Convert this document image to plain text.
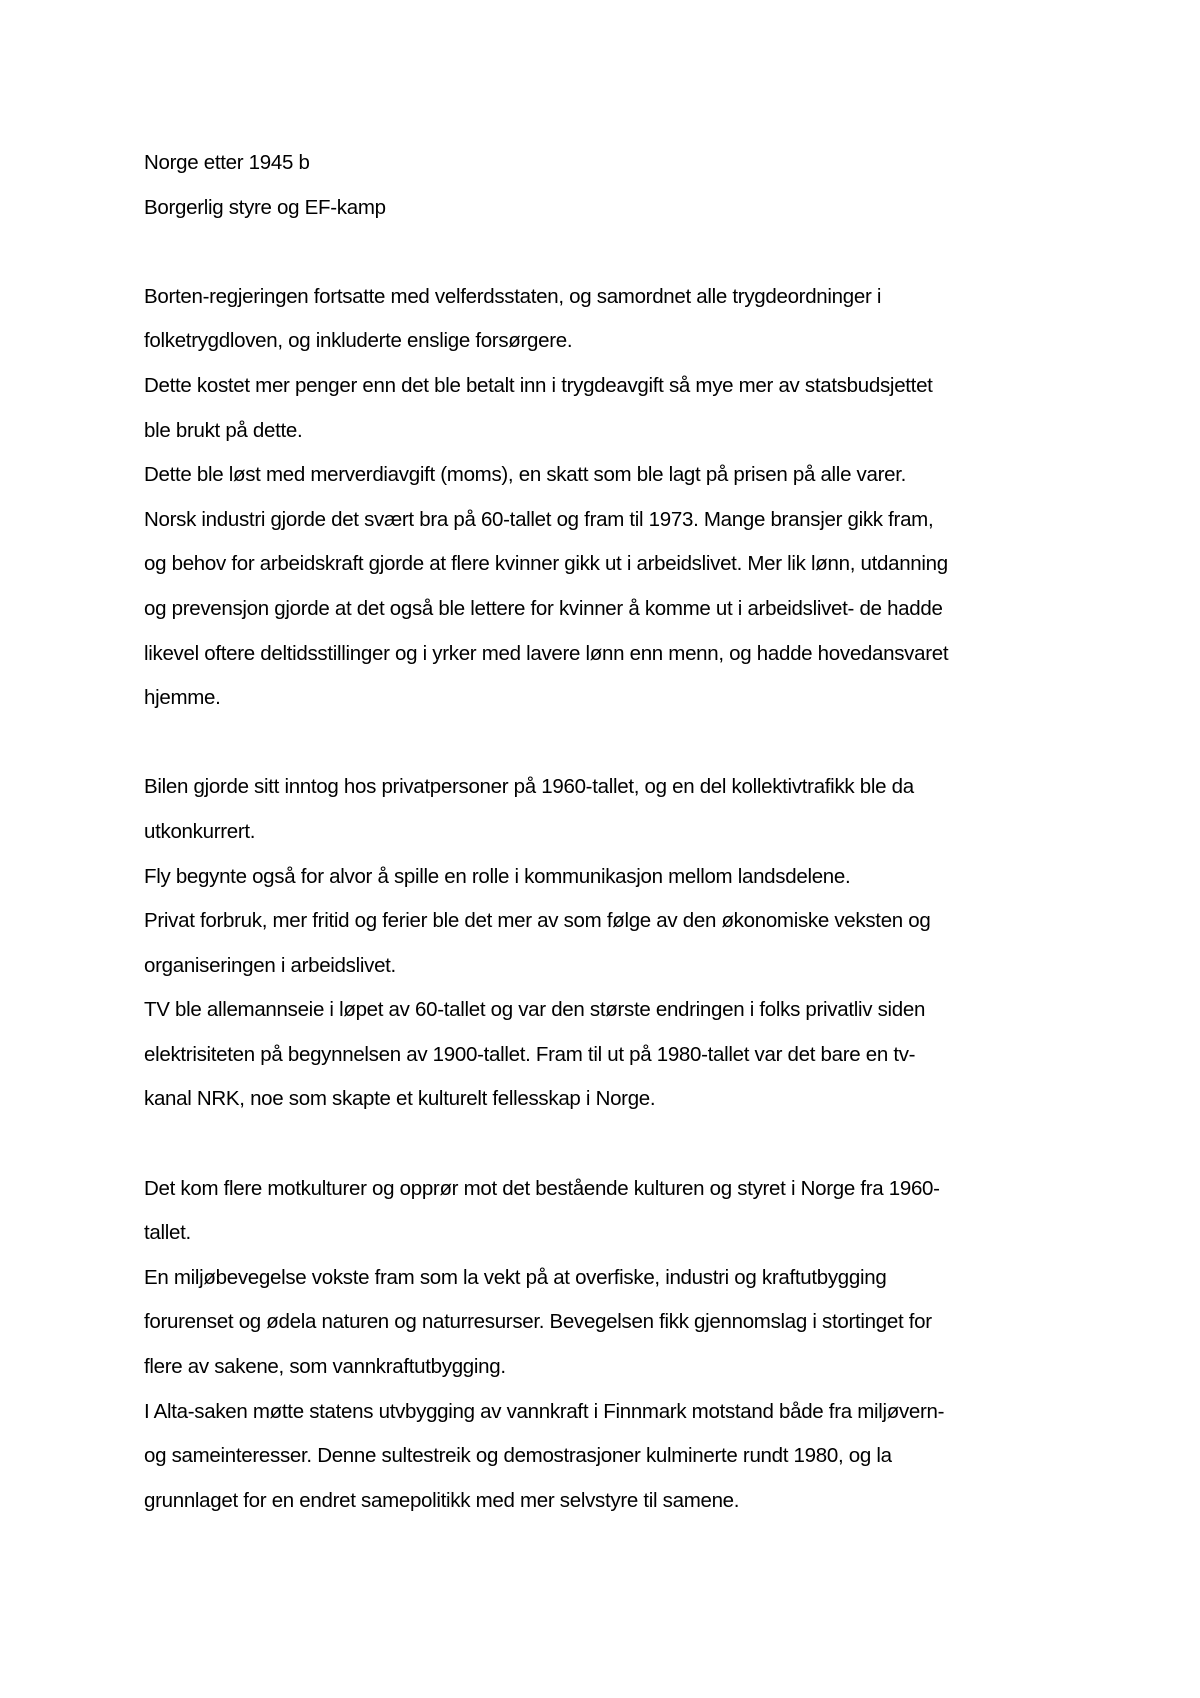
Norge etter 1945 b
Borgerlig styre og EF-kamp
Borten-regjeringen fortsatte med velferdsstaten, og samordnet alle trygdeordninger i
folketrygdloven, og inkluderte enslige forsørgere.
Dette kostet mer penger enn det ble betalt inn i trygdeavgift så mye mer av statsbudsjettet
ble brukt på dette.
Dette ble løst med merverdiavgift (moms), en skatt som ble lagt på prisen på alle varer.
Norsk industri gjorde det svært bra på 60-tallet og fram til 1973. Mange bransjer gikk fram,
og behov for arbeidskraft gjorde at flere kvinner gikk ut i arbeidslivet. Mer lik lønn, utdanning
og prevensjon gjorde at det også ble lettere for kvinner å komme ut i arbeidslivet- de hadde
likevel oftere deltidsstillinger og i yrker med lavere lønn enn menn, og hadde hovedansvaret
hjemme.
Bilen gjorde sitt inntog hos privatpersoner på 1960-tallet, og en del kollektivtrafikk ble da
utkonkurrert.
Fly begynte også for alvor å spille en rolle i kommunikasjon mellom landsdelene.
Privat forbruk, mer fritid og ferier ble det mer av som følge av den økonomiske veksten og
organiseringen i arbeidslivet.
TV ble allemannseie i løpet av 60-tallet og var den største endringen i folks privatliv siden
elektrisiteten på begynnelsen av 1900-tallet. Fram til ut på 1980-tallet var det bare en tv-
kanal NRK, noe som skapte et kulturelt fellesskap i Norge.
Det kom flere motkulturer og opprør mot det bestående kulturen og styret i Norge fra 1960-
tallet.
En miljøbevegelse vokste fram som la vekt på at overfiske, industri og kraftutbygging
forurenset og ødela naturen og naturresurser. Bevegelsen fikk gjennomslag i stortinget for
flere av sakene, som vannkraftutbygging.
I Alta-saken møtte statens utvbygging av vannkraft i Finnmark motstand både fra miljøvern-
og sameinteresser. Denne sultestreik og demostrasjoner kulminerte rundt 1980, og la
grunnlaget for en endret samepolitikk med mer selvstyre til samene.
